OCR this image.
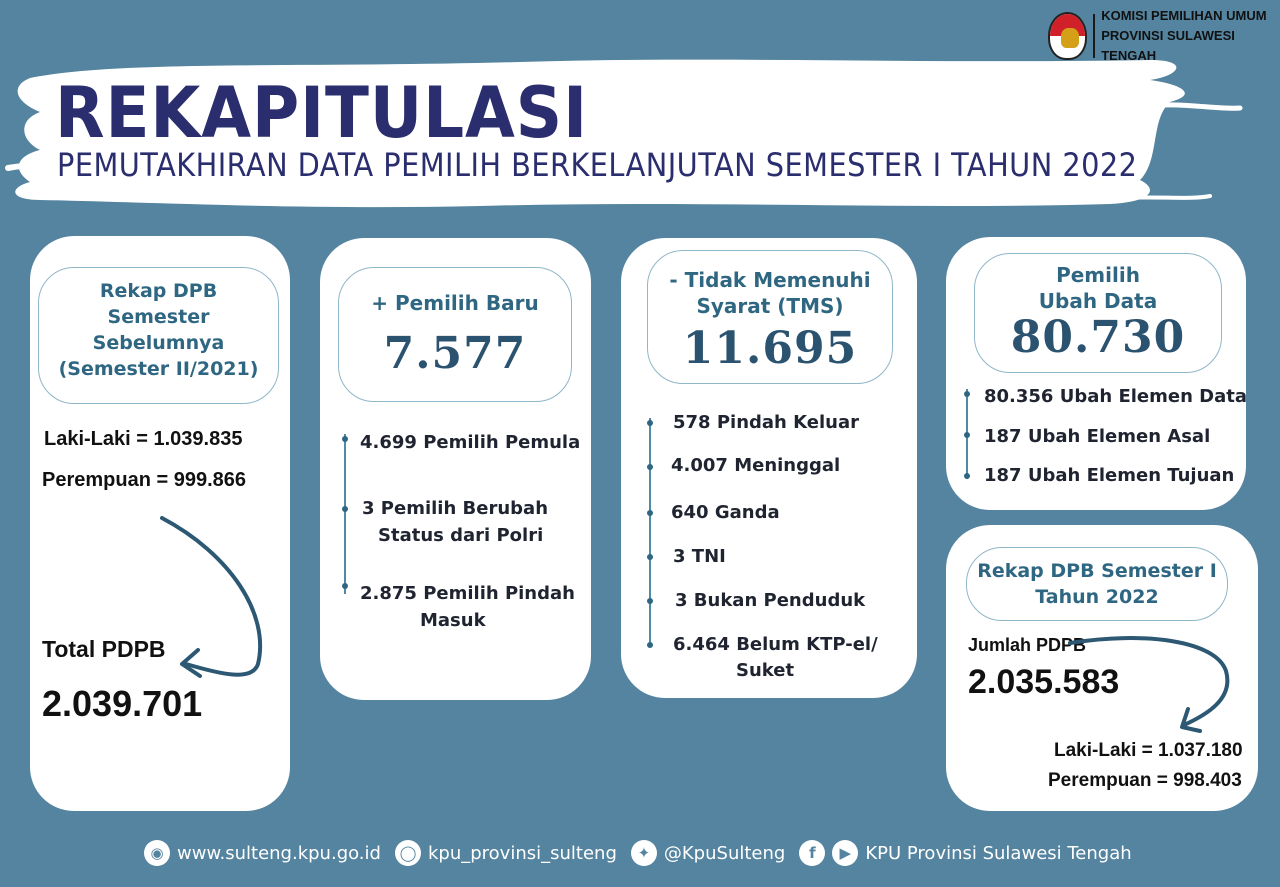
REKAPITULASI
PEMUTAKHIRAN DATA PEMILIH BERKELANJUTAN SEMESTER I TAHUN 2022
KOMISI PEMILIHAN UMUM
PROVINSI SULAWESI TENGAH
Rekap DPB
Semester
Sebelumnya
(Semester II/2021)
Laki-Laki = 1.039.835
Perempuan = 999.866
Total PDPB
2.039.701
+ Pemilih Baru
7.577
4.699 Pemilih Pemula
3 Pemilih Berubah
Status dari Polri
2.875 Pemilih Pindah
Masuk
- Tidak Memenuhi
Syarat (TMS)
11.695
578 Pindah Keluar
4.007 Meninggal
640 Ganda
3 TNI
3 Bukan Penduduk
6.464 Belum KTP-el/
Suket
Pemilih
Ubah Data
80.730
80.356 Ubah Elemen Data
187 Ubah Elemen Asal
187 Ubah Elemen Tujuan
Rekap DPB Semester I
Tahun 2022
Jumlah PDPB
2.035.583
Laki-Laki = 1.037.180
Perempuan = 998.403
◉ www.sulteng.kpu.go.id	◯ kpu_provinsi_sulteng	✦ @KpuSulteng	f	▶ KPU Provinsi Sulawesi Tengah
